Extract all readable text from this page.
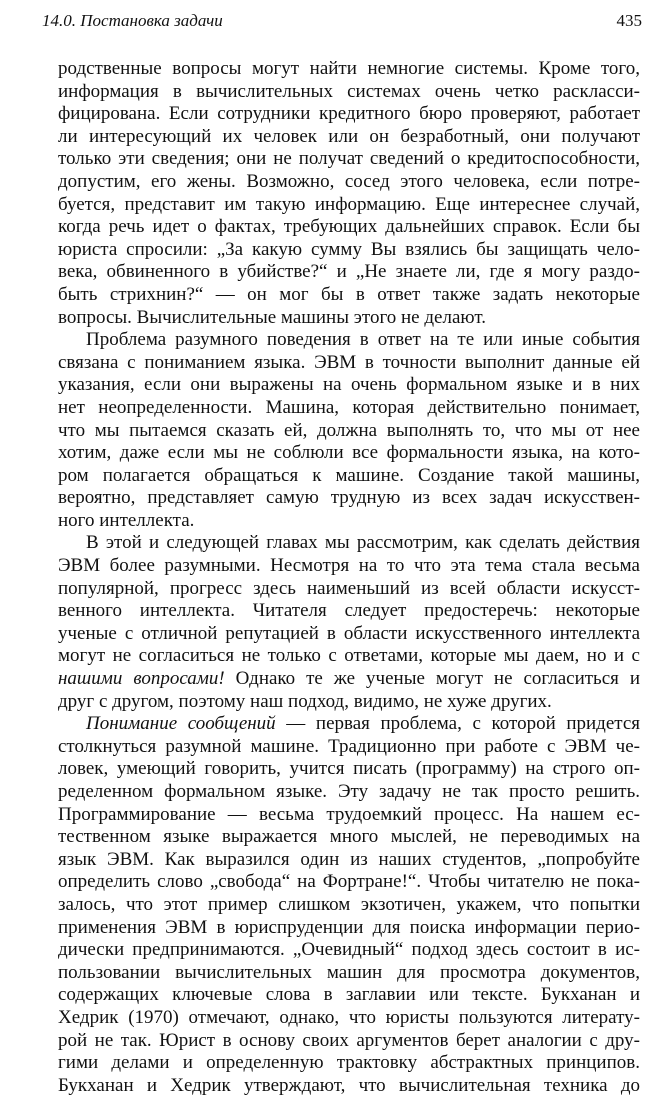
14.0. Постановка задачи	435
родственные вопросы могут найти немногие системы. Кроме того,
информация в вычислительных системах очень четко раскласси-
фицирована. Если сотрудники кредитного бюро проверяют, работает
ли интересующий их человек или он безработный, они получают
только эти сведения; они не получат сведений о кредитоспособности,
допустим, его жены. Возможно, сосед этого человека, если потре-
буется, представит им такую информацию. Еще интереснее случай,
когда речь идет о фактах, требующих дальнейших справок. Если бы
юриста спросили: „За какую сумму Вы взялись бы защищать чело-
века, обвиненного в убийстве?“ и „Не знаете ли, где я могу раздо-
быть стрихнин?“ — он мог бы в ответ также задать некоторые
вопросы. Вычислительные машины этого не делают.
Проблема разумного поведения в ответ на те или иные события
связана с пониманием языка. ЭВМ в точности выполнит данные ей
указания, если они выражены на очень формальном языке и в них
нет неопределенности. Машина, которая действительно понимает,
что мы пытаемся сказать ей, должна выполнять то, что мы от нее
хотим, даже если мы не соблюли все формальности языка, на кото-
ром полагается обращаться к машине. Создание такой машины,
вероятно, представляет самую трудную из всех задач искусствен-
ного интеллекта.
В этой и следующей главах мы рассмотрим, как сделать действия
ЭВМ более разумными. Несмотря на то что эта тема стала весьма
популярной, прогресс здесь наименьший из всей области искусст-
венного интеллекта. Читателя следует предостеречь: некоторые
ученые с отличной репутацией в области искусственного интеллекта
могут не согласиться не только с ответами, которые мы даем, но и с
нашими вопросами! Однако те же ученые могут не согласиться и
друг с другом, поэтому наш подход, видимо, не хуже других.
Понимание сообщений — первая проблема, с которой придется
столкнуться разумной машине. Традиционно при работе с ЭВМ че-
ловек, умеющий говорить, учится писать (программу) на строго оп-
ределенном формальном языке. Эту задачу не так просто решить.
Программирование — весьма трудоемкий процесс. На нашем ес-
тественном языке выражается много мыслей, не переводимых на
язык ЭВМ. Как выразился один из наших студентов, „попробуйте
определить слово „свобода“ на Фортране!“. Чтобы читателю не пока-
залось, что этот пример слишком экзотичен, укажем, что попытки
применения ЭВМ в юриспруденции для поиска информации перио-
дически предпринимаются. „Очевидный“ подход здесь состоит в ис-
пользовании вычислительных машин для просмотра документов,
содержащих ключевые слова в заглавии или тексте. Букханан и
Хедрик (1970) отмечают, однако, что юристы пользуются литерату-
рой не так. Юрист в основу своих аргументов берет аналогии с дру-
гими делами и определенную трактовку абстрактных принципов.
Букханан и Хедрик утверждают, что вычислительная техника до
